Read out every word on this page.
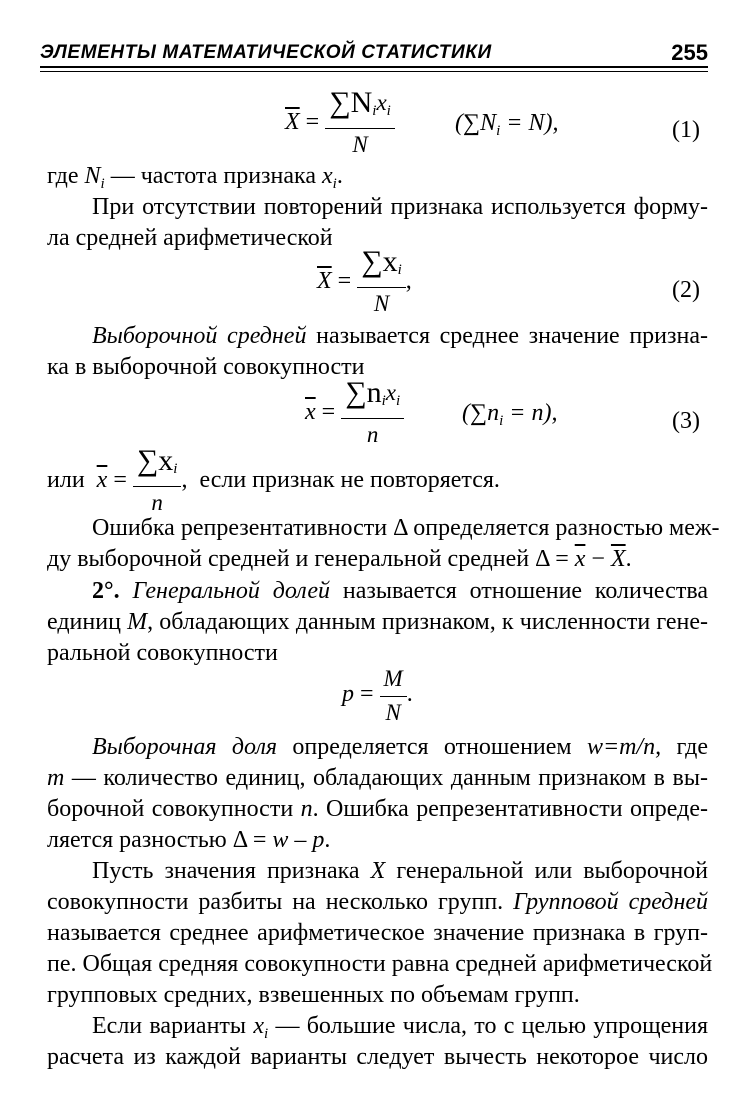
ЭЛЕМЕНТЫ МАТЕМАТИЧЕСКОЙ СТАТИСТИКИ	255
$\overline{X} = \frac{\sum N_ix_i}{N}$	$(\sum N_i = N)$,	(1)
где $N_i$ — частота признака $x_i$.
При отсутствии повторений признака используется форму-
ла средней арифметической
$\overline{X} = \frac{\sum x_i}{N}$ ,	(2)
Выборочной средней называется среднее значение призна-
ка в выборочной совокупности
$\overline{x} = \frac{\sum n_ix_i}{n} (\sum n_i = n)$,	(3)
или $\overline{x} = \frac{\sum x_i}{n}$ , если признак не повторяется.
Ошибка репрезентативности Δ определяется разностью меж-
ду выборочной средней и генеральной средней $\Delta = \overline{x} - \overline{X}$.
2°. Генеральной долей называется отношение количества
единиц M, обладающих данным признаком, к численности гене-
ральной совокупности
$p = \frac{M}{N}$ .
Выборочная доля определяется отношением w=m/n, где
m — количество единиц, обладающих данным признаком в вы-
борочной совокупности n. Ошибка репрезентативности опреде-
ляется разностью Δ = w – p.
Пусть значения признака X генеральной или выборочной
совокупности разбиты на несколько групп. Групповой средней
называется среднее арифметическое значение признака в груп-
пе. Общая средняя совокупности равна средней арифметической
групповых средних, взвешенных по объемам групп.
Если варианты $x_i$ — большие числа, то с целью упрощения
расчета из каждой варианты следует вычесть некоторое число
